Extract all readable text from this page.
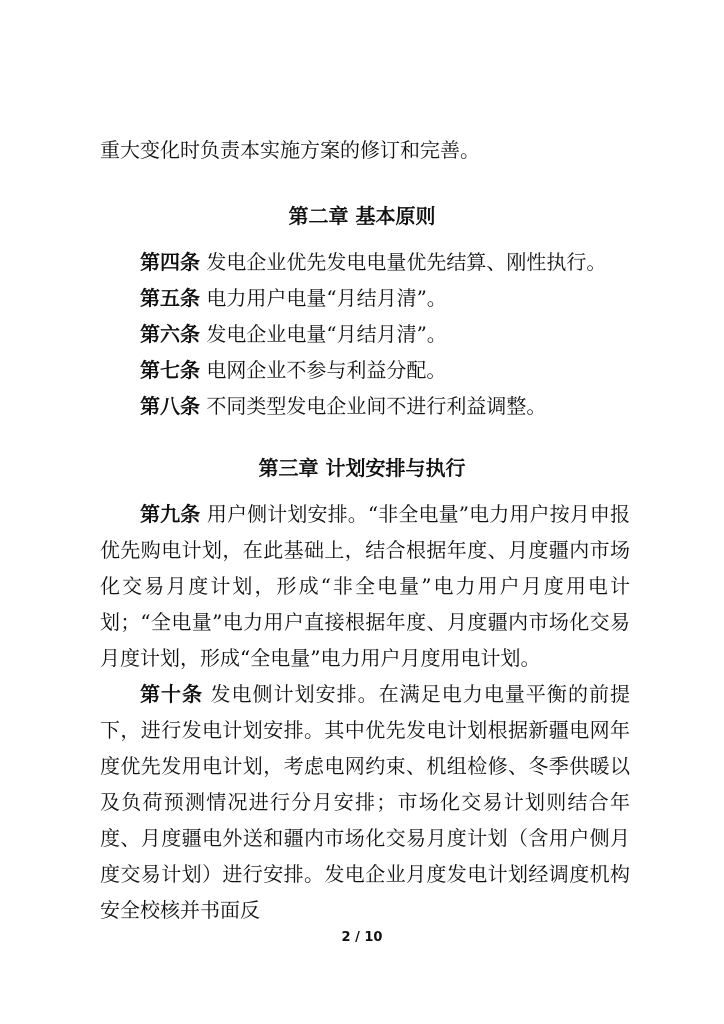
重大变化时负责本实施方案的修订和完善。

第二章 基本原则

第四条 发电企业优先发电电量优先结算、刚性执行。

第五条 电力用户电量“月结月清”。

第六条 发电企业电量“月结月清”。

第七条 电网企业不参与利益分配。

第八条 不同类型发电企业间不进行利益调整。

第三章 计划安排与执行

第九条 用户侧计划安排。“非全电量”电力用户按月申报优先购电计划，在此基础上，结合根据年度、月度疆内市场化交易月度计划，形成“非全电量”电力用户月度用电计划；“全电量”电力用户直接根据年度、月度疆内市场化交易月度计划，形成“全电量”电力用户月度用电计划。

第十条 发电侧计划安排。在满足电力电量平衡的前提下，进行发电计划安排。其中优先发电计划根据新疆电网年度优先发用电计划，考虑电网约束、机组检修、冬季供暖以及负荷预测情况进行分月安排；市场化交易计划则结合年度、月度疆电外送和疆内市场化交易月度计划（含用户侧月度交易计划）进行安排。发电企业月度发电计划经调度机构安全校核并书面反

2 / 10
